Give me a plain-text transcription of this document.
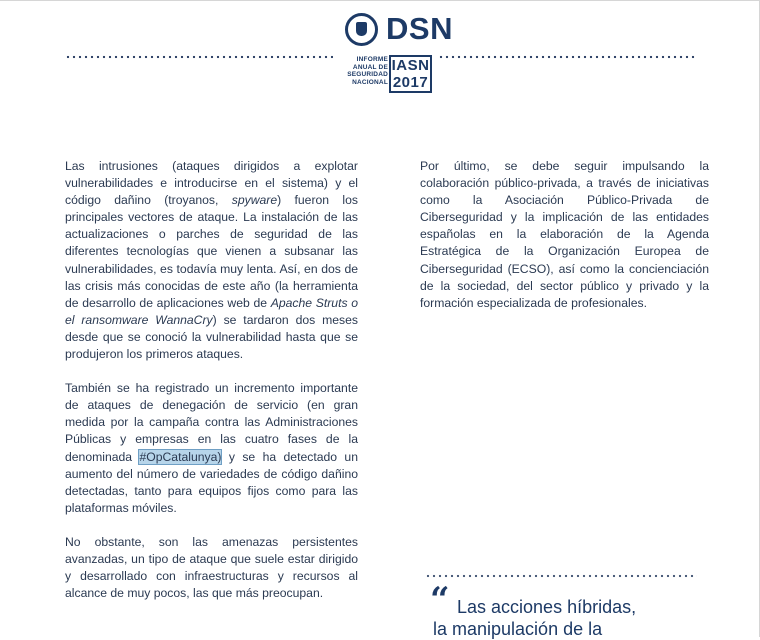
DSN
INFORME
ANUAL DE
SEGURIDAD
NACIONAL
IASN
2017

Las intrusiones (ataques dirigidos a explotar vulnerabilidades e introducirse en el sistema) y el código dañino (troyanos, spyware) fueron los principales vectores de ataque. La instalación de las actualizaciones o parches de seguridad de las diferentes tecnologías que vienen a subsanar las vulnerabilidades, es todavía muy lenta. Así, en dos de las crisis más conocidas de este año (la herramienta de desarrollo de aplicaciones web de Apache Struts o el ransomware WannaCry) se tardaron dos meses desde que se conoció la vulnerabilidad hasta que se produjeron los primeros ataques.

También se ha registrado un incremento importante de ataques de denegación de servicio (en gran medida por la campaña contra las Administraciones Públicas y empresas en las cuatro fases de la denominada #OpCatalunya) y se ha detectado un aumento del número de variedades de código dañino detectadas, tanto para equipos fijos como para las plataformas móviles.

No obstante, son las amenazas persistentes avanzadas, un tipo de ataque que suele estar dirigido y desarrollado con infraestructuras y recursos al alcance de muy pocos, las que más preocupan.

Por último, se debe seguir impulsando la colaboración público-privada, a través de iniciativas como la Asociación Público-Privada de Ciberseguridad y la implicación de las entidades españolas en la elaboración de la Agenda Estratégica de la Organización Europea de Ciberseguridad (ECSO), así como la concienciación de la sociedad, del sector público y privado y la formación especializada de profesionales.

“ Las acciones híbridas,
la manipulación de la
